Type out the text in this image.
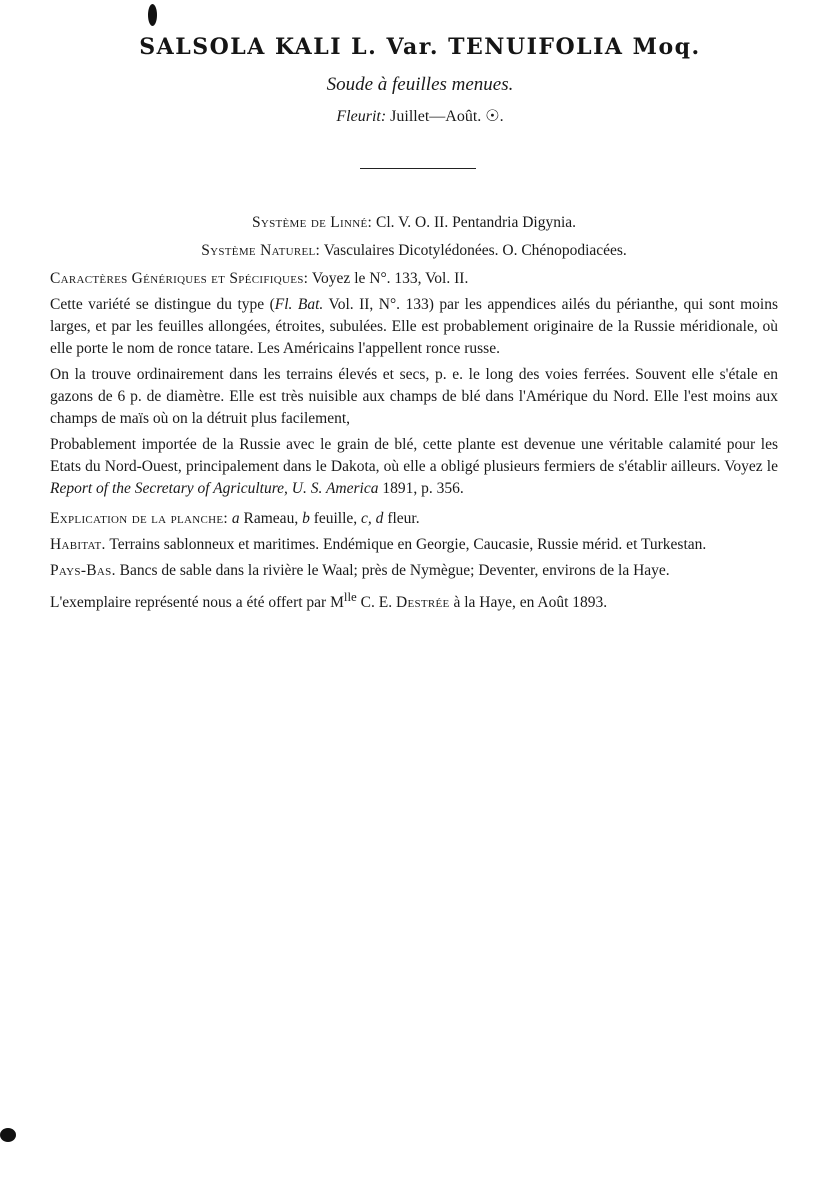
SALSOLA KALI L. Var. TENUIFOLIA Moq.
Soude à feuilles menues.
Fleurit: Juillet—Août. ☉.

Système de Linné: Cl. V. O. II. Pentandria Digynia.

Système Naturel: Vasculaires Dicotylédonées. O. Chénopodiacées.

Caractères Génériques et Spécifiques: Voyez le N°. 133, Vol. II.

Cette variété se distingue du type (Fl. Bat. Vol. II, N°. 133) par les appendices ailés du périanthe, qui sont moins larges, et par les feuilles allongées, étroites, subulées. Elle est probablement originaire de la Russie méridionale, où elle porte le nom de ronce tatare. Les Américains l'appellent ronce russe.

On la trouve ordinairement dans les terrains élevés et secs, p. e. le long des voies ferrées. Souvent elle s'étale en gazons de 6 p. de diamètre. Elle est très nuisible aux champs de blé dans l'Amérique du Nord. Elle l'est moins aux champs de maïs où on la détruit plus facilement,

Probablement importée de la Russie avec le grain de blé, cette plante est devenue une véritable calamité pour les Etats du Nord-Ouest, principalement dans le Dakota, où elle a obligé plusieurs fermiers de s'établir ailleurs. Voyez le Report of the Secretary of Agriculture, U. S. America 1891, p. 356.

Explication de la planche: a Rameau, b feuille, c, d fleur.

Habitat. Terrains sablonneux et maritimes. Endémique en Georgie, Caucasie, Russie mérid. et Turkestan.

Pays-Bas. Bancs de sable dans la rivière le Waal; près de Nymègue; Deventer, environs de la Haye.

L'exemplaire représenté nous a été offert par $M^{lle}$ C. E. Destrée à la Haye, en Août 1893.
